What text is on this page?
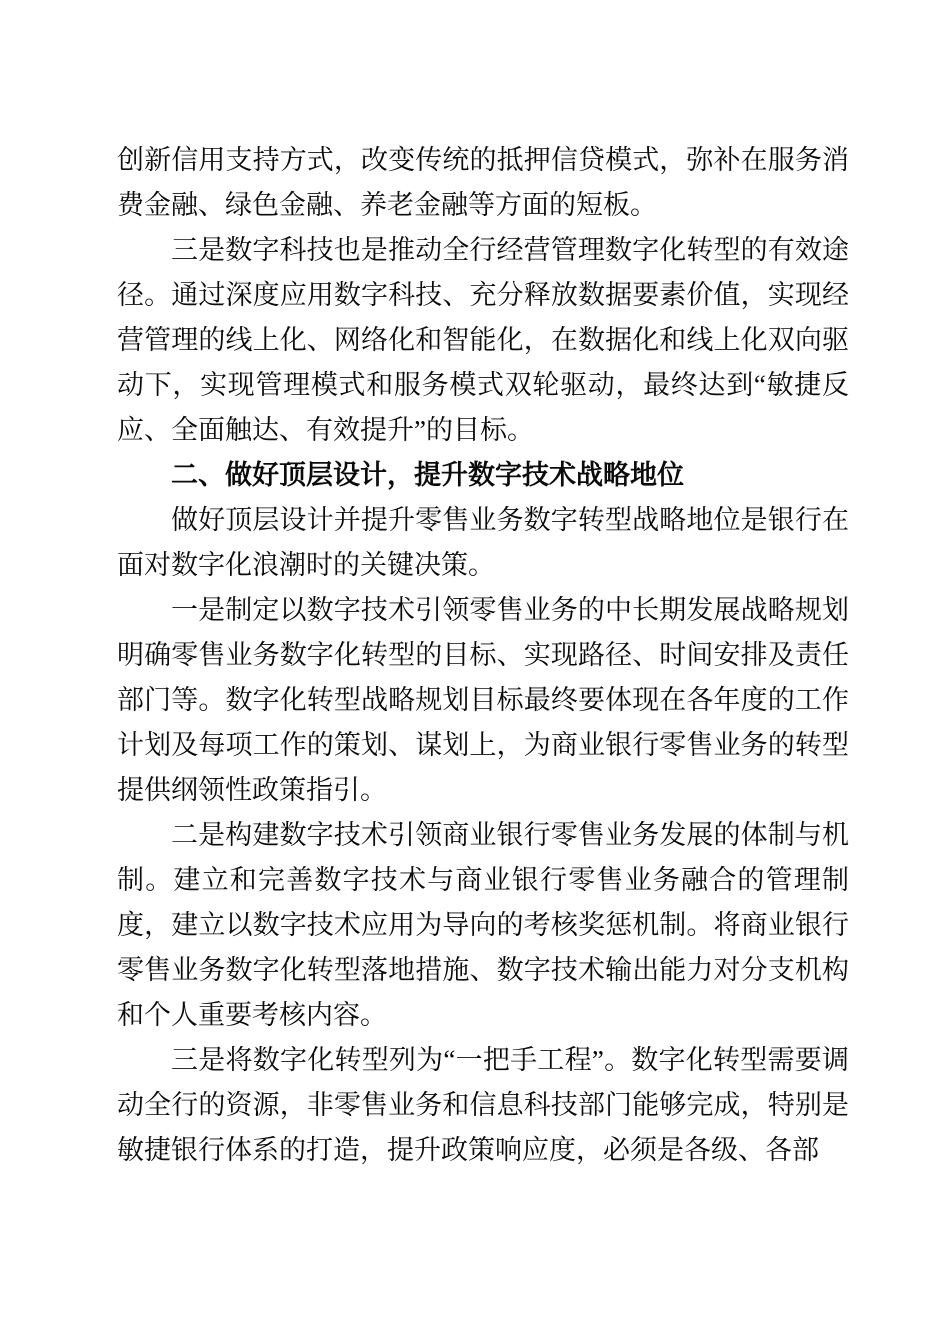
创新信用支持方式，改变传统的抵押信贷模式，弥补在服务消费金融、绿色金融、养老金融等方面的短板。

三是数字科技也是推动全行经营管理数字化转型的有效途径。通过深度应用数字科技、充分释放数据要素价值，实现经营管理的线上化、网络化和智能化，在数据化和线上化双向驱动下，实现管理模式和服务模式双轮驱动，最终达到“敏捷反应、全面触达、有效提升”的目标。

二、做好顶层设计，提升数字技术战略地位

做好顶层设计并提升零售业务数字转型战略地位是银行在面对数字化浪潮时的关键决策。

一是制定以数字技术引领零售业务的中长期发展战略规划明确零售业务数字化转型的目标、实现路径、时间安排及责任部门等。数字化转型战略规划目标最终要体现在各年度的工作计划及每项工作的策划、谋划上，为商业银行零售业务的转型提供纲领性政策指引。

二是构建数字技术引领商业银行零售业务发展的体制与机制。建立和完善数字技术与商业银行零售业务融合的管理制度，建立以数字技术应用为导向的考核奖惩机制。将商业银行零售业务数字化转型落地措施、数字技术输出能力对分支机构和个人重要考核内容。

三是将数字化转型列为“一把手工程”。数字化转型需要调动全行的资源，非零售业务和信息科技部门能够完成，特别是敏捷银行体系的打造，提升政策响应度，必须是各级、各部
